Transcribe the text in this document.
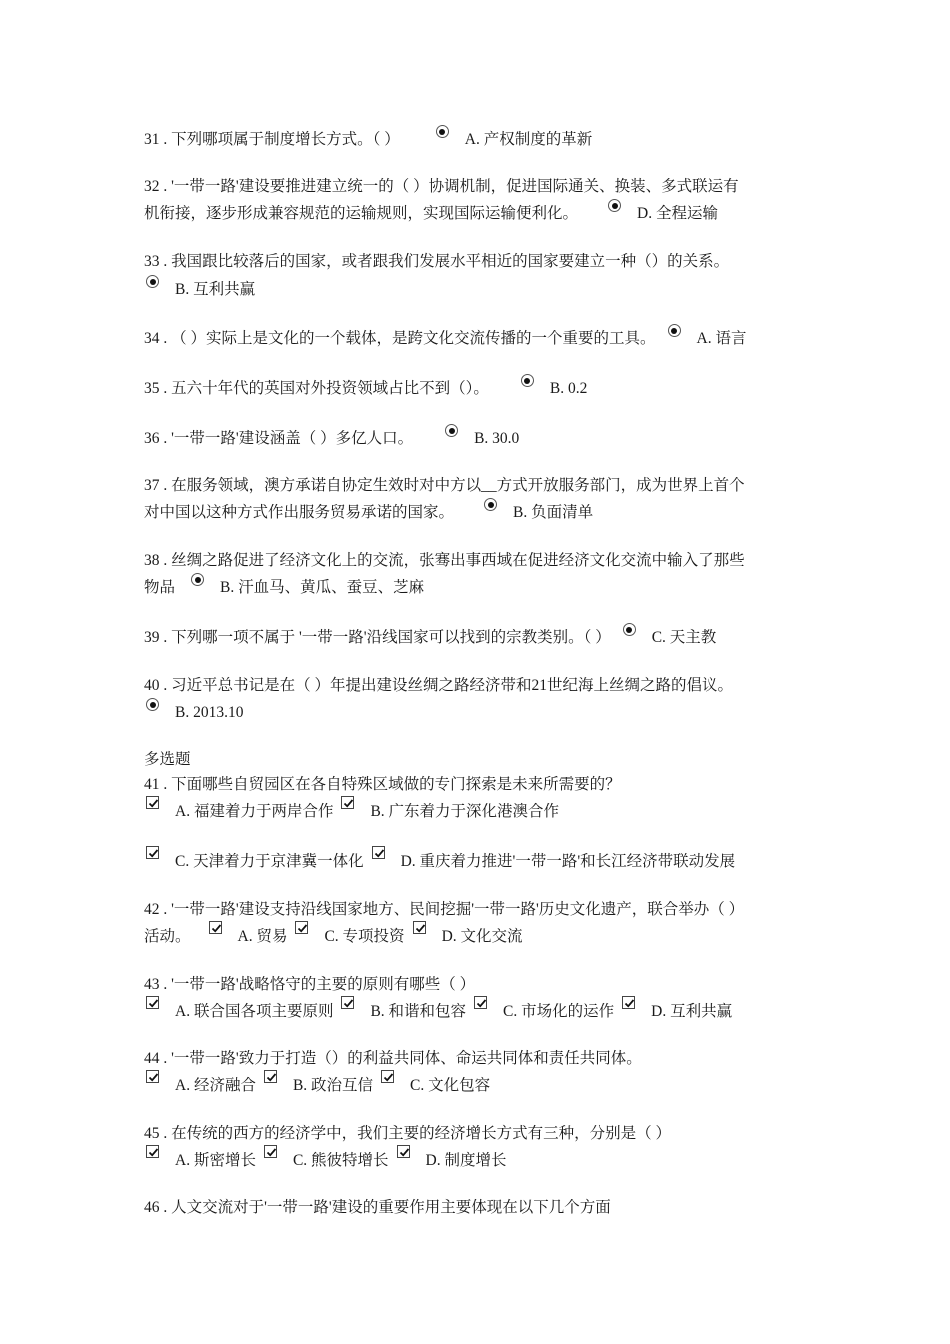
31 . 下列哪项属于制度增长方式。（ ）	A. 产权制度的革新
32 . '一带一路'建设要推进建立统一的（ ）协调机制，促进国际通关、换装、多式联运有
机衔接，逐步形成兼容规范的运输规则，实现国际运输便利化。	D. 全程运输
33 . 我国跟比较落后的国家，或者跟我们发展水平相近的国家要建立一种（）的关系。
B. 互利共赢
34 . （ ）实际上是文化的一个载体，是跨文化交流传播的一个重要的工具。	A. 语言
35 . 五六十年代的英国对外投资领域占比不到（）。	B. 0.2
36 . '一带一路'建设涵盖（ ）多亿人口。	B. 30.0
37 . 在服务领域，澳方承诺自协定生效时对中方以__方式开放服务部门，成为世界上首个
对中国以这种方式作出服务贸易承诺的国家。	B. 负面清单
38 . 丝绸之路促进了经济文化上的交流，张骞出事西域在促进经济文化交流中输入了那些
物品	B. 汗血马、黄瓜、蚕豆、芝麻
39 . 下列哪一项不属于 '一带一路'沿线国家可以找到的宗教类别。（ ）	C. 天主教
40 . 习近平总书记是在（ ）年提出建设丝绸之路经济带和21世纪海上丝绸之路的倡议。
B. 2013.10
多选题
41 . 下面哪些自贸园区在各自特殊区域做的专门探索是未来所需要的？
A. 福建着力于两岸合作 B. 广东着力于深化港澳合作
C. 天津着力于京津冀一体化 D. 重庆着力推进'一带一路'和长江经济带联动发展
42 . '一带一路'建设支持沿线国家地方、民间挖掘'一带一路'历史文化遗产，联合举办（ ）
活动。	A. 贸易 C. 专项投资 D. 文化交流
43 . '一带一路'战略恪守的主要的原则有哪些（ ）
A. 联合国各项主要原则 B. 和谐和包容 C. 市场化的运作 D. 互利共赢
44 . '一带一路'致力于打造（）的利益共同体、命运共同体和责任共同体。
A. 经济融合 B. 政治互信 C. 文化包容
45 . 在传统的西方的经济学中，我们主要的经济增长方式有三种，分别是（ ）
A. 斯密增长 C. 熊彼特增长 D. 制度增长
46 . 人文交流对于'一带一路'建设的重要作用主要体现在以下几个方面
